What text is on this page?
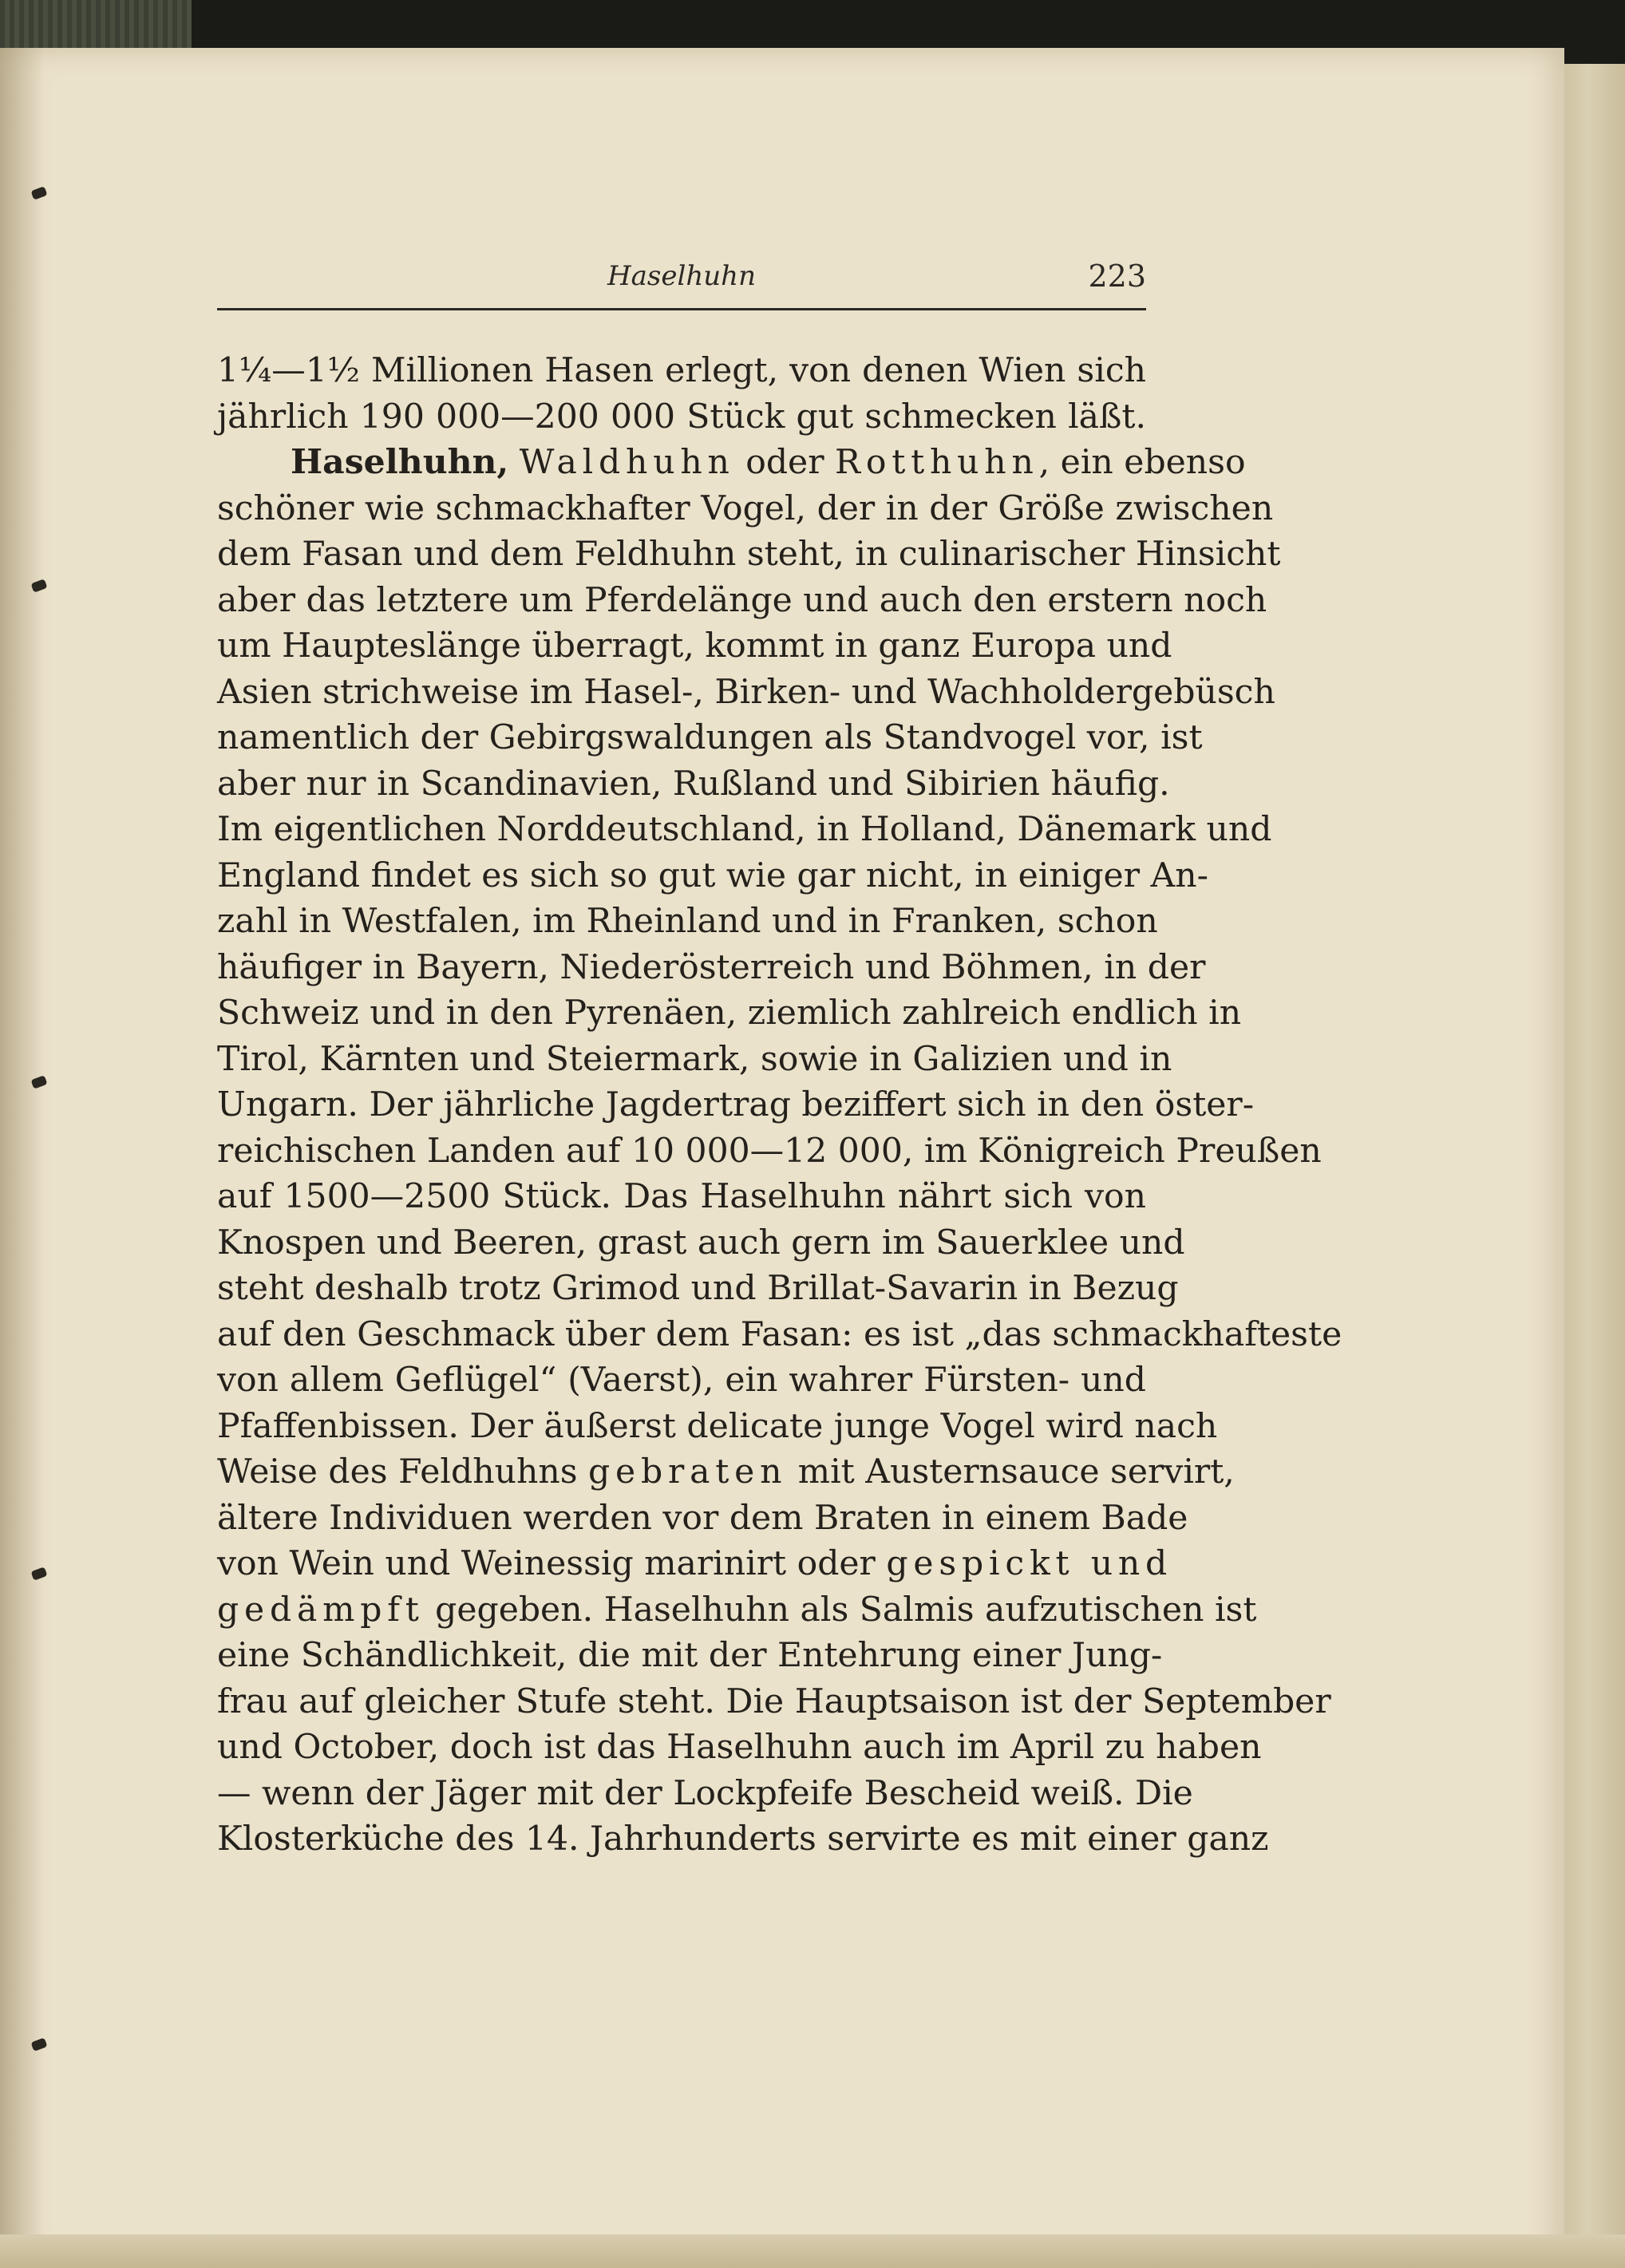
Haselhuhn	223
1¼—1½ Millionen Hasen erlegt, von denen Wien sich
jährlich 190 000—200 000 Stück gut schmecken läßt.
Haselhuhn, Waldhuhn oder Rotthuhn, ein ebenso
schöner wie schmackhafter Vogel, der in der Größe zwischen
dem Fasan und dem Feldhuhn steht, in culinarischer Hinsicht
aber das letztere um Pferdelänge und auch den erstern noch
um Hauptеslänge überragt, kommt in ganz Europa und
Asien strichweise im Hasel-, Birken- und Wachholdergebüsch
namentlich der Gebirgswaldungen als Standvogel vor, ist
aber nur in Scandinavien, Rußland und Sibirien häufig.
Im eigentlichen Norddeutschland, in Holland, Dänemark und
England findet es sich so gut wie gar nicht, in einiger An-
zahl in Westfalen, im Rheinland und in Franken, schon
häufiger in Bayern, Niederösterreich und Böhmen, in der
Schweiz und in den Pyrenäen, ziemlich zahlreich endlich in
Tirol, Kärnten und Steiermark, sowie in Galizien und in
Ungarn. Der jährliche Jagdertrag beziffert sich in den öster-
reichischen Landen auf 10 000—12 000, im Königreich Preußen
auf 1500—2500 Stück. Das Haselhuhn nährt sich von
Knospen und Beeren, grast auch gern im Sauerklee und
steht deshalb trotz Grimod und Brillat-Savarin in Bezug
auf den Geschmack über dem Fasan: es ist „das schmackhafteste
von allem Geflügel“ (Vaerst), ein wahrer Fürsten- und
Pfaffenbissen. Der äußerst delicate junge Vogel wird nach
Weise des Feldhuhns gebraten mit Austernsauce servirt,
ältere Individuen werden vor dem Braten in einem Bade
von Wein und Weinessig marinirt oder gespickt und
gedämpft gegeben. Haselhuhn als Salmis aufzutischen ist
eine Schändlichkeit, die mit der Entehrung einer Jung-
frau auf gleicher Stufe steht. Die Hauptsaison ist der September
und October, doch ist das Haselhuhn auch im April zu haben
— wenn der Jäger mit der Lockpfeife Bescheid weiß. Die
Klosterküche des 14. Jahrhunderts servirte es mit einer ganz
